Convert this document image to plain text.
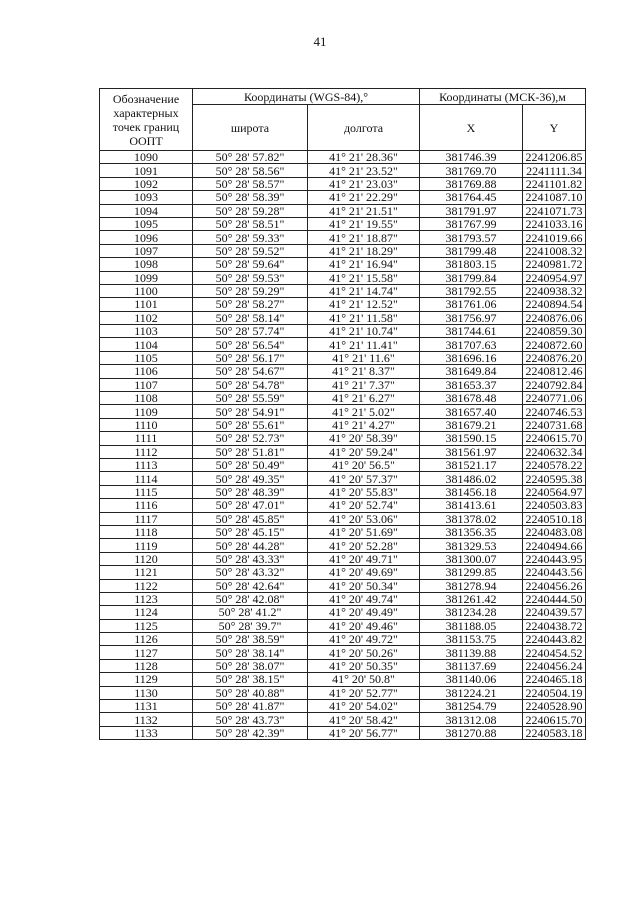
41
Обозначение характерных точек границ ООПТ	Координаты (WGS-84),°		Координаты (МСК-36),м	
	широта	долгота	X	Y
1090	50° 28' 57.82"	41° 21' 28.36"	381746.39	2241206.85
1091	50° 28' 58.56"	41° 21' 23.52"	381769.70	2241111.34
1092	50° 28' 58.57"	41° 21' 23.03"	381769.88	2241101.82
1093	50° 28' 58.39"	41° 21' 22.29"	381764.45	2241087.10
1094	50° 28' 59.28"	41° 21' 21.51"	381791.97	2241071.73
1095	50° 28' 58.51"	41° 21' 19.55"	381767.99	2241033.16
1096	50° 28' 59.33"	41° 21' 18.87"	381793.57	2241019.66
1097	50° 28' 59.52"	41° 21' 18.29"	381799.48	2241008.32
1098	50° 28' 59.64"	41° 21' 16.94"	381803.15	2240981.72
1099	50° 28' 59.53"	41° 21' 15.58"	381799.84	2240954.97
1100	50° 28' 59.29"	41° 21' 14.74"	381792.55	2240938.32
1101	50° 28' 58.27"	41° 21' 12.52"	381761.06	2240894.54
1102	50° 28' 58.14"	41° 21' 11.58"	381756.97	2240876.06
1103	50° 28' 57.74"	41° 21' 10.74"	381744.61	2240859.30
1104	50° 28' 56.54"	41° 21' 11.41"	381707.63	2240872.60
1105	50° 28' 56.17"	41° 21' 11.6"	381696.16	2240876.20
1106	50° 28' 54.67"	41° 21' 8.37"	381649.84	2240812.46
1107	50° 28' 54.78"	41° 21' 7.37"	381653.37	2240792.84
1108	50° 28' 55.59"	41° 21' 6.27"	381678.48	2240771.06
1109	50° 28' 54.91"	41° 21' 5.02"	381657.40	2240746.53
1110	50° 28' 55.61"	41° 21' 4.27"	381679.21	2240731.68
1111	50° 28' 52.73"	41° 20' 58.39"	381590.15	2240615.70
1112	50° 28' 51.81"	41° 20' 59.24"	381561.97	2240632.34
1113	50° 28' 50.49"	41° 20' 56.5"	381521.17	2240578.22
1114	50° 28' 49.35"	41° 20' 57.37"	381486.02	2240595.38
1115	50° 28' 48.39"	41° 20' 55.83"	381456.18	2240564.97
1116	50° 28' 47.01"	41° 20' 52.74"	381413.61	2240503.83
1117	50° 28' 45.85"	41° 20' 53.06"	381378.02	2240510.18
1118	50° 28' 45.15"	41° 20' 51.69"	381356.35	2240483.08
1119	50° 28' 44.28"	41° 20' 52.28"	381329.53	2240494.66
1120	50° 28' 43.33"	41° 20' 49.71"	381300.07	2240443.95
1121	50° 28' 43.32"	41° 20' 49.69"	381299.85	2240443.56
1122	50° 28' 42.64"	41° 20' 50.34"	381278.94	2240456.26
1123	50° 28' 42.08"	41° 20' 49.74"	381261.42	2240444.50
1124	50° 28' 41.2"	41° 20' 49.49"	381234.28	2240439.57
1125	50° 28' 39.7"	41° 20' 49.46"	381188.05	2240438.72
1126	50° 28' 38.59"	41° 20' 49.72"	381153.75	2240443.82
1127	50° 28' 38.14"	41° 20' 50.26"	381139.88	2240454.52
1128	50° 28' 38.07"	41° 20' 50.35"	381137.69	2240456.24
1129	50° 28' 38.15"	41° 20' 50.8"	381140.06	2240465.18
1130	50° 28' 40.88"	41° 20' 52.77"	381224.21	2240504.19
1131	50° 28' 41.87"	41° 20' 54.02"	381254.79	2240528.90
1132	50° 28' 43.73"	41° 20' 58.42"	381312.08	2240615.70
1133	50° 28' 42.39"	41° 20' 56.77"	381270.88	2240583.18
